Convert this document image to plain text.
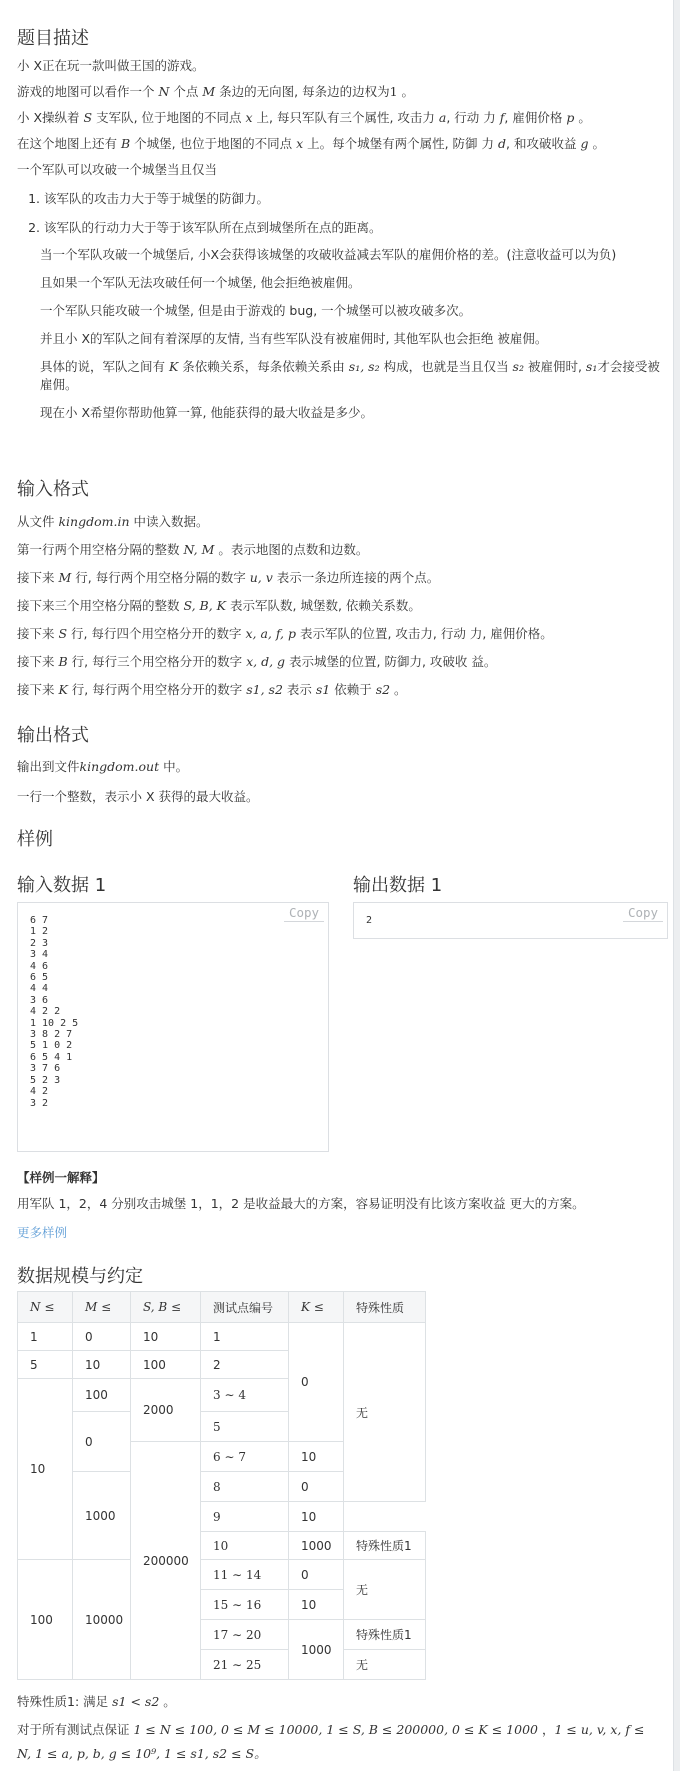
题目描述
小 X正在玩一款叫做王国的游戏。
游戏的地图可以看作一个 N 个点 M 条边的无向图, 每条边的边权为1 。
小 X操纵着 S 支军队, 位于地图的不同点 x 上, 每只军队有三个属性, 攻击力 a, 行动 力 f, 雇佣价格 p 。
在这个地图上还有 B 个城堡, 也位于地图的不同点 x 上。每个城堡有两个属性, 防御 力 d, 和攻破收益 g 。
一个军队可以攻破一个城堡当且仅当
1. 该军队的攻击力大于等于城堡的防御力。
2. 该军队的行动力大于等于该军队所在点到城堡所在点的距离。
当一个军队攻破一个城堡后, 小X会获得该城堡的攻破收益减去军队的雇佣价格的差。(注意收益可以为负)
且如果一个军队无法攻破任何一个城堡, 他会拒绝被雇佣。
一个军队只能攻破一个城堡, 但是由于游戏的 bug, 一个城堡可以被攻破多次。
并且小 X的军队之间有着深厚的友情, 当有些军队没有被雇佣时, 其他军队也会拒绝 被雇佣。
具体的说，军队之间有 K 条依赖关系，每条依赖关系由 s₁, s₂ 构成，也就是当且仅当 s₂ 被雇佣时, s₁才会接受被
雇佣。
现在小 X希望你帮助他算一算, 他能获得的最大收益是多少。
输入格式
从文件 kingdom.in 中读入数据。
第一行两个用空格分隔的整数 N, M 。表示地图的点数和边数。
接下来 M 行, 每行两个用空格分隔的数字 u, v 表示一条边所连接的两个点。
接下来三个用空格分隔的整数 S, B, K 表示军队数, 城堡数, 依赖关系数。
接下来 S 行, 每行四个用空格分开的数字 x, a, f, p 表示军队的位置, 攻击力, 行动 力, 雇佣价格。
接下来 B 行, 每行三个用空格分开的数字 x, d, g 表示城堡的位置, 防御力, 攻破收 益。
接下来 K 行, 每行两个用空格分开的数字 s1, s2 表示 s1 依赖于 s2 。
输出格式
输出到文件kingdom.out 中。
一行一个整数，表示小 X 获得的最大收益。
样例
输入数据 1	输出数据 1
6 7
1 2
2 3
3 4
4 6
6 5
4 4
3 6
4 2 2
1 10 2 5
3 8 2 7
5 1 0 2
6 5 4 1
3 7 6
5 2 3
4 2
3 2
Copy
2
Copy
【样例一解释】
用军队 1，2，4 分别攻击城堡 1，1，2 是收益最大的方案，容易证明没有比该方案收益 更大的方案。
更多样例
数据规模与约定
N ≤	M ≤	S, B ≤	测试点编号	K ≤	特殊性质
1	0	10	1	0	无
5	10	100	2		
10	100	2000	3 ∼ 4		
	0		5		
		200000	6 ∼ 7	10	
	1000		8	0	
			9	10	
			10	1000	特殊性质1
100	10000		11 ∼ 14	0	无
			15 ∼ 16	10	
			17 ∼ 20	1000	特殊性质1
			21 ∼ 25		无
特殊性质1: 满足 s1 < s2 。
对于所有测试点保证 1 ≤ N ≤ 100, 0 ≤ M ≤ 10000, 1 ≤ S, B ≤ 200000, 0 ≤ K ≤ 1000 ，1 ≤ u, v, x, f ≤
N, 1 ≤ a, p, b, g ≤ 10⁹, 1 ≤ s1, s2 ≤ S。
